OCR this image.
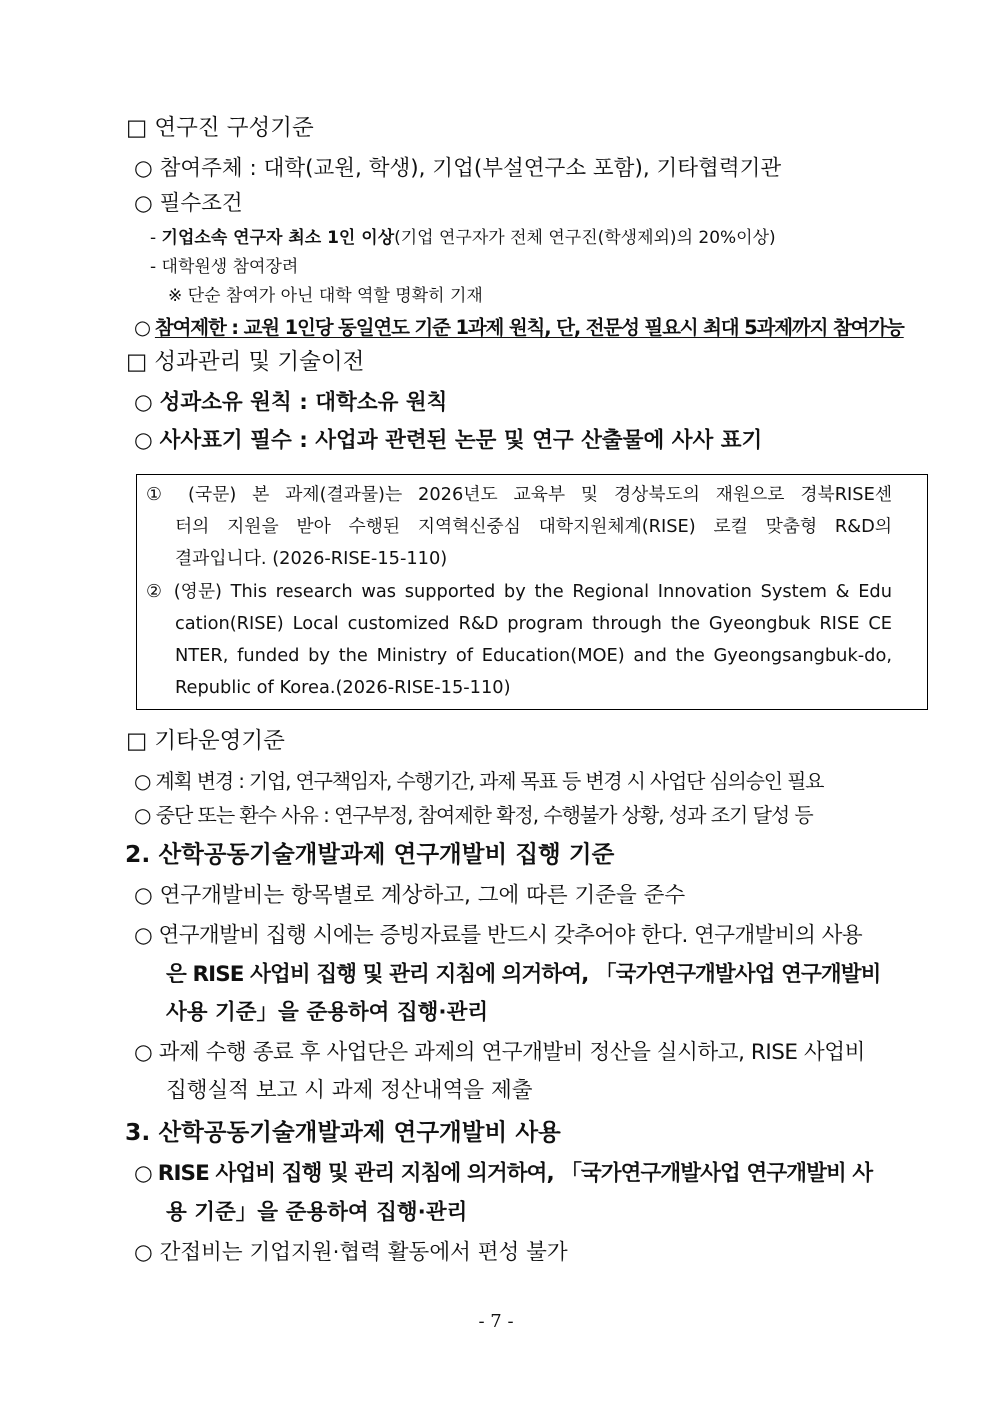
□ 연구진 구성기준
○ 참여주체 : 대학(교원, 학생), 기업(부설연구소 포함), 기타협력기관
○ 필수조건
- 기업소속 연구자 최소 1인 이상(기업 연구자가 전체 연구진(학생제외)의 20%이상)
- 대학원생 참여장려
※ 단순 참여가 아닌 대학 역할 명확히 기재
○ 참여제한 : 교원 1인당 동일연도 기준 1과제 원칙, 단, 전문성 필요시 최대 5과제까지 참여가능
□ 성과관리 및 기술이전
○ 성과소유 원칙 : 대학소유 원칙
○ 사사표기 필수 : 사업과 관련된 논문 및 연구 산출물에 사사 표기
① (국문) 본 과제(결과물)는 2026년도 교육부 및 경상북도의 재원으로 경북RISE센
터의 지원을 받아 수행된 지역혁신중심 대학지원체계(RISE) 로컬 맞춤형 R&D의
결과입니다. (2026-RISE-15-110)
② (영문) This research was supported by the Regional Innovation System & Edu
cation(RISE) Local customized R&D program through the Gyeongbuk RISE CE
NTER, funded by the Ministry of Education(MOE) and the Gyeongsangbuk-do,
Republic of Korea.(2026-RISE-15-110)
□ 기타운영기준
○ 계획 변경 : 기업, 연구책임자, 수행기간, 과제 목표 등 변경 시 사업단 심의승인 필요
○ 중단 또는 환수 사유 : 연구부정, 참여제한 확정, 수행불가 상황, 성과 조기 달성 등
2. 산학공동기술개발과제 연구개발비 집행 기준
○ 연구개발비는 항목별로 계상하고, 그에 따른 기준을 준수
○ 연구개발비 집행 시에는 증빙자료를 반드시 갖추어야 한다. 연구개발비의 사용
은 RISE 사업비 집행 및 관리 지침에 의거하여, 「국가연구개발사업 연구개발비
사용 기준」을 준용하여 집행·관리
○ 과제 수행 종료 후 사업단은 과제의 연구개발비 정산을 실시하고, RISE 사업비
집행실적 보고 시 과제 정산내역을 제출
3. 산학공동기술개발과제 연구개발비 사용
○ RISE 사업비 집행 및 관리 지침에 의거하여, 「국가연구개발사업 연구개발비 사
용 기준」을 준용하여 집행·관리
○ 간접비는 기업지원·협력 활동에서 편성 불가
- 7 -
